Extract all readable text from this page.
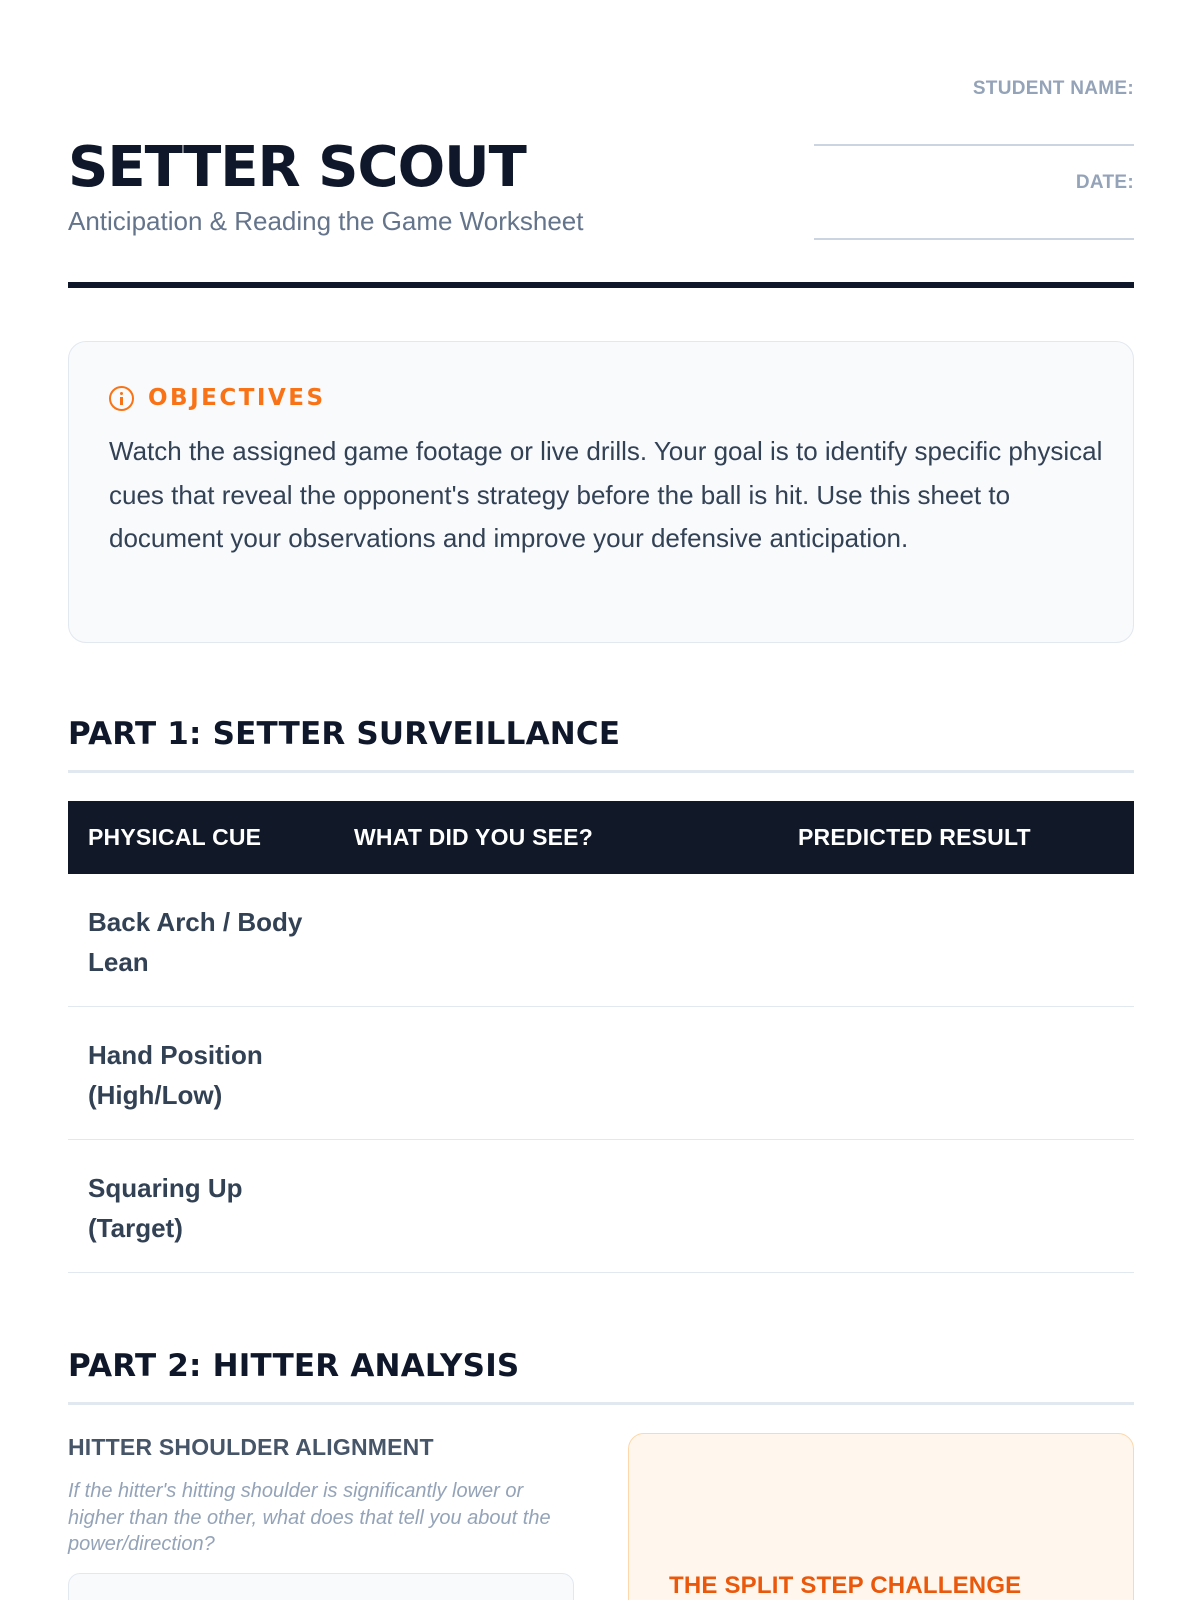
SETTER SCOUT
Anticipation & Reading the Game Worksheet
STUDENT NAME:
DATE:
OBJECTIVES

Watch the assigned game footage or live drills. Your goal is to identify specific physical cues that reveal the opponent's strategy before the ball is hit. Use this sheet to document your observations and improve your defensive anticipation.

PART 1: SETTER SURVEILLANCE
PHYSICAL CUE	WHAT DID YOU SEE?	PREDICTED RESULT
Back Arch / Body Lean
Hand Position (High/Low)
Squaring Up (Target)
PART 2: HITTER ANALYSIS
HITTER SHOULDER ALIGNMENT

If the hitter's hitting shoulder is significantly lower or higher than the other, what does that tell you about the power/direction?

THE SPLIT STEP CHALLENGE
